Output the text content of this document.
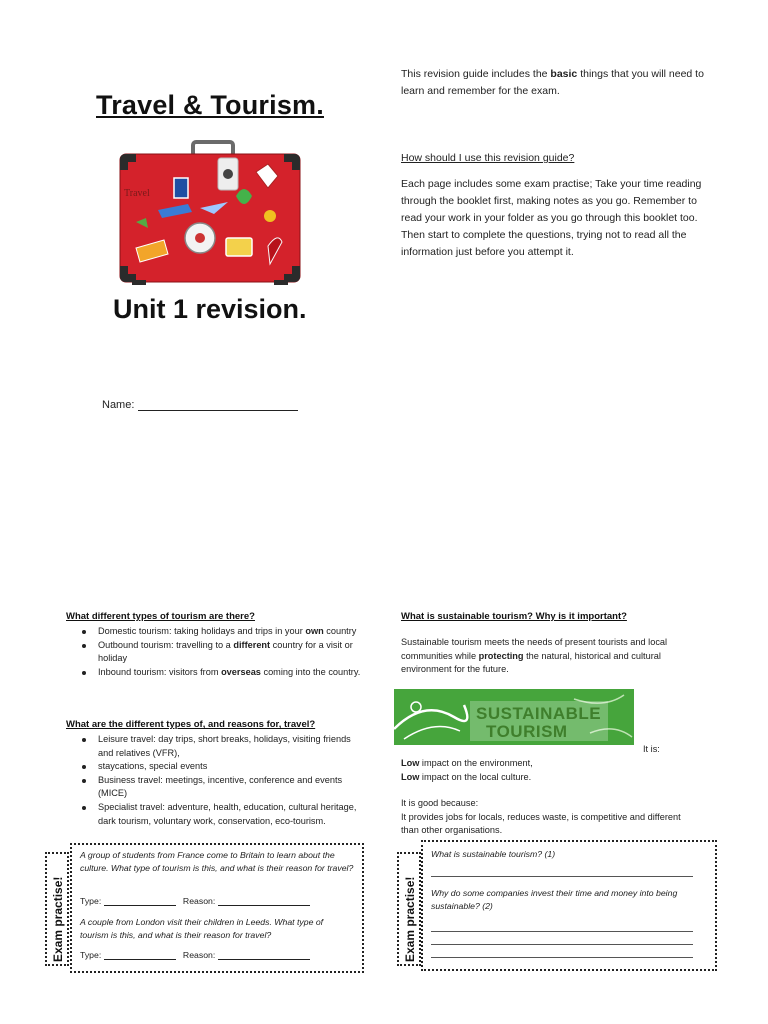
Travel & Tourism.
Travel
Unit 1 revision.
Name:
This revision guide includes the basic things that you will need to learn and remember for the exam.
How should I use this revision guide?
Each page includes some exam practise; Take your time reading through the booklet first, making notes as you go. Remember to read your work in your folder as you go through this booklet too. Then start to complete the questions, trying not to read all the information just before you attempt it.
What different types of tourism are there?
Domestic tourism: taking holidays and trips in your own country
Outbound tourism: travelling to a different country for a visit or holiday
Inbound tourism: visitors from overseas coming into the country.
What are the different types of, and reasons for, travel?
Leisure travel: day trips, short breaks, holidays, visiting friends and relatives (VFR),
staycations, special events
Business travel: meetings, incentive, conference and events (MICE)
Specialist travel: adventure, health, education, cultural heritage, dark tourism, voluntary work, conservation, eco-tourism.
Exam practise!
A group of students from France come to Britain to learn about the culture. What type of tourism is this, and what is their reason for travel?
Type:	Reason:
A couple from London visit their children in Leeds. What type of tourism is this, and what is their reason for travel?
Type:	Reason:
What is sustainable tourism? Why is it important?
Sustainable tourism meets the needs of present tourists and local communities while protecting the natural, historical and cultural environment for the future.
SUSTAINABLE
TOURISM
It is:
Low impact on the environment,
Low impact on the local culture.
It is good because:
It provides jobs for locals, reduces waste, is competitive and different than other organisations.
Exam practise!
What is sustainable tourism? (1)
Why do some companies invest their time and money into being sustainable? (2)
